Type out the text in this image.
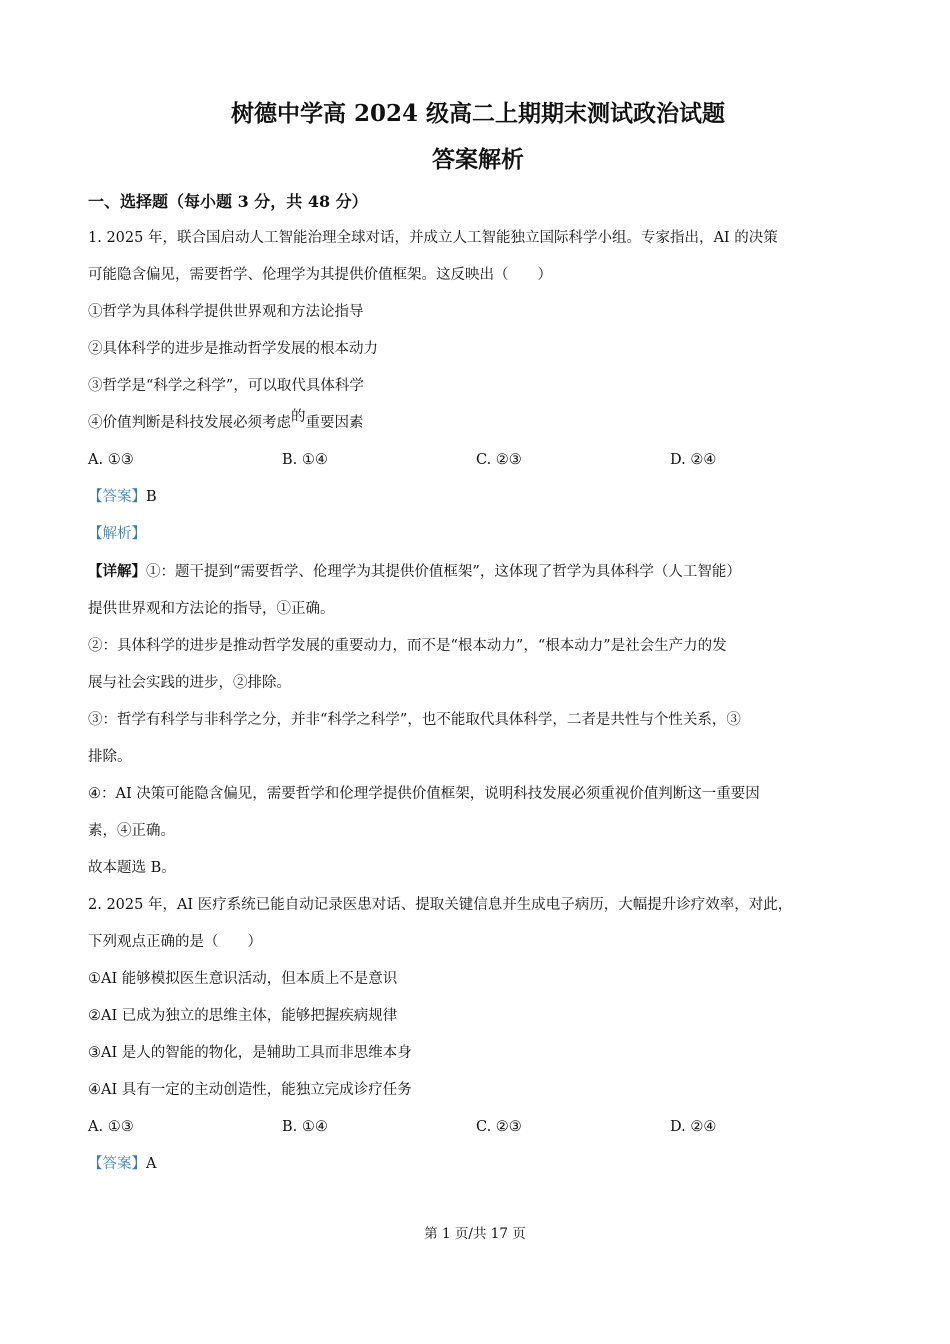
树德中学高 2024 级高二上期期末测试政治试题
答案解析

一、选择题（每小题 3 分，共 48 分）

1. 2025 年，联合国启动人工智能治理全球对话，并成立人工智能独立国际科学小组。专家指出，AI 的决策

可能隐含偏见，需要哲学、伦理学为其提供价值框架。这反映出（　　）

①哲学为具体科学提供世界观和方法论指导

②具体科学的进步是推动哲学发展的根本动力

③哲学是“科学之科学”，可以取代具体科学

④价值判断是科技发展必须考虑的重要因素

A. ①③	B. ①④	C. ②③	D. ②④

【答案】B

【解析】

【详解】①：题干提到“需要哲学、伦理学为其提供价值框架”，这体现了哲学为具体科学（人工智能）

提供世界观和方法论的指导，①正确。

②：具体科学的进步是推动哲学发展的重要动力，而不是“根本动力”，“根本动力”是社会生产力的发

展与社会实践的进步，②排除。

③：哲学有科学与非科学之分，并非“科学之科学”，也不能取代具体科学，二者是共性与个性关系，③

排除。

④：AI 决策可能隐含偏见，需要哲学和伦理学提供价值框架，说明科技发展必须重视价值判断这一重要因

素，④正确。

故本题选 B。

2. 2025 年，AI 医疗系统已能自动记录医患对话、提取关键信息并生成电子病历，大幅提升诊疗效率，对此，

下列观点正确的是（　　）

①AI 能够模拟医生意识活动，但本质上不是意识

②AI 已成为独立的思维主体，能够把握疾病规律

③AI 是人的智能的物化，是辅助工具而非思维本身

④AI 具有一定的主动创造性，能独立完成诊疗任务

A. ①③	B. ①④	C. ②③	D. ②④

【答案】A

第 1 页/共 17 页
